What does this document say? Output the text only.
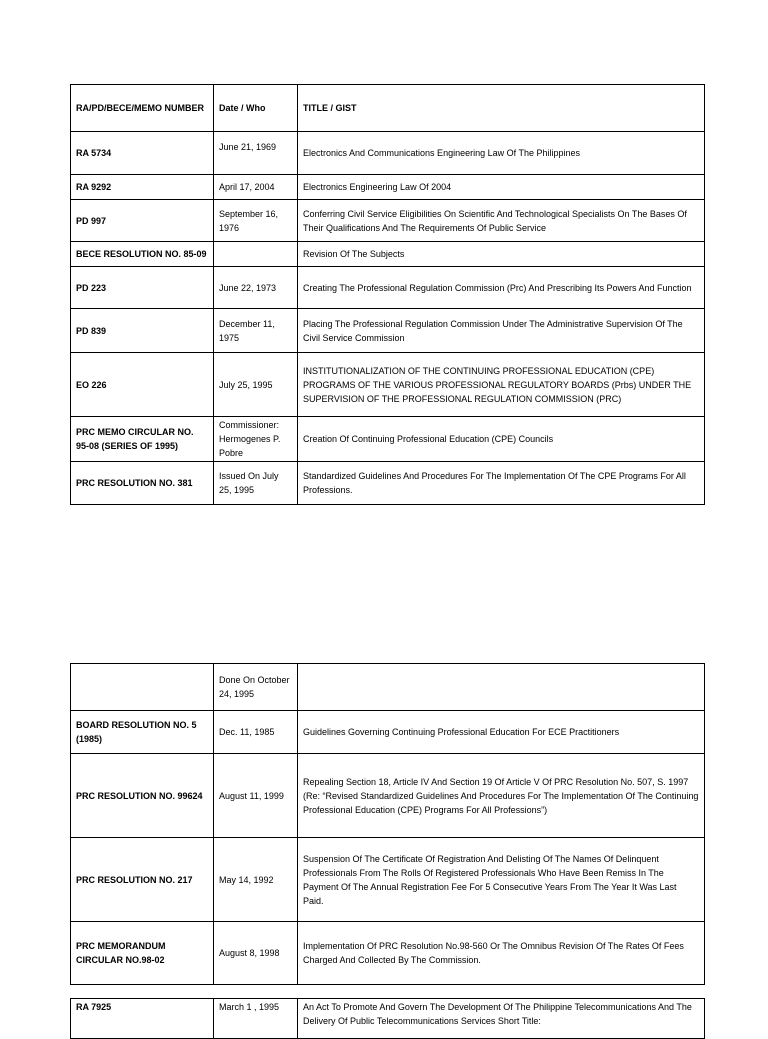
RA/PD/BECE/MEMO NUMBER	Date / Who	TITLE / GIST
RA 5734	June 21, 1969	Electronics And Communications Engineering Law Of The Philippines
RA 9292	April 17, 2004	Electronics Engineering Law Of 2004
PD 997	September 16, 1976	Conferring Civil Service Eligibilities On Scientific And Technological Specialists On The Bases Of Their Qualifications And The Requirements Of Public Service
BECE RESOLUTION NO. 85-09		Revision Of The Subjects
PD 223	June 22, 1973	Creating The Professional Regulation Commission (Prc) And Prescribing Its Powers And Function
PD 839	December 11, 1975	Placing The Professional Regulation Commission Under The Administrative Supervision Of The Civil Service Commission
EO 226	July 25, 1995	INSTITUTIONALIZATION OF THE CONTINUING PROFESSIONAL EDUCATION (CPE) PROGRAMS OF THE VARIOUS PROFESSIONAL REGULATORY BOARDS (Prbs) UNDER THE SUPERVISION OF THE PROFESSIONAL REGULATION COMMISSION (PRC)
PRC MEMO CIRCULAR NO. 95-08 (SERIES OF 1995)	Commissioner: Hermogenes P. Pobre	Creation Of Continuing Professional Education (CPE) Councils
PRC RESOLUTION NO. 381	Issued On July 25, 1995	Standardized Guidelines And Procedures For The Implementation Of The CPE Programs For All Professions.
	Done On October 24, 1995	
BOARD RESOLUTION NO. 5 (1985)	Dec. 11, 1985	Guidelines Governing Continuing Professional Education For ECE Practitioners
PRC RESOLUTION NO. 99624	August 11, 1999	Repealing Section 18, Article IV And Section 19 Of Article V Of PRC Resolution No. 507, S. 1997 (Re: “Revised Standardized Guidelines And Procedures For The Implementation Of The Continuing Professional Education (CPE) Programs For All Professions”)
PRC RESOLUTION NO. 217	May 14, 1992	Suspension Of The Certificate Of Registration And Delisting Of The Names Of Delinquent Professionals From The Rolls Of Registered Professionals Who Have Been Remiss In The Payment Of The Annual Registration Fee For 5 Consecutive Years From The Year It Was Last Paid.
PRC MEMORANDUM CIRCULAR NO.98-02	August 8, 1998	Implementation Of PRC Resolution No.98-560 Or The Omnibus Revision Of The Rates Of Fees Charged And Collected By The Commission.
RA 7925	March 1 , 1995	An Act To Promote And Govern The Development Of The Philippine Telecommunications And The Delivery Of Public Telecommunications Services Short Title:
